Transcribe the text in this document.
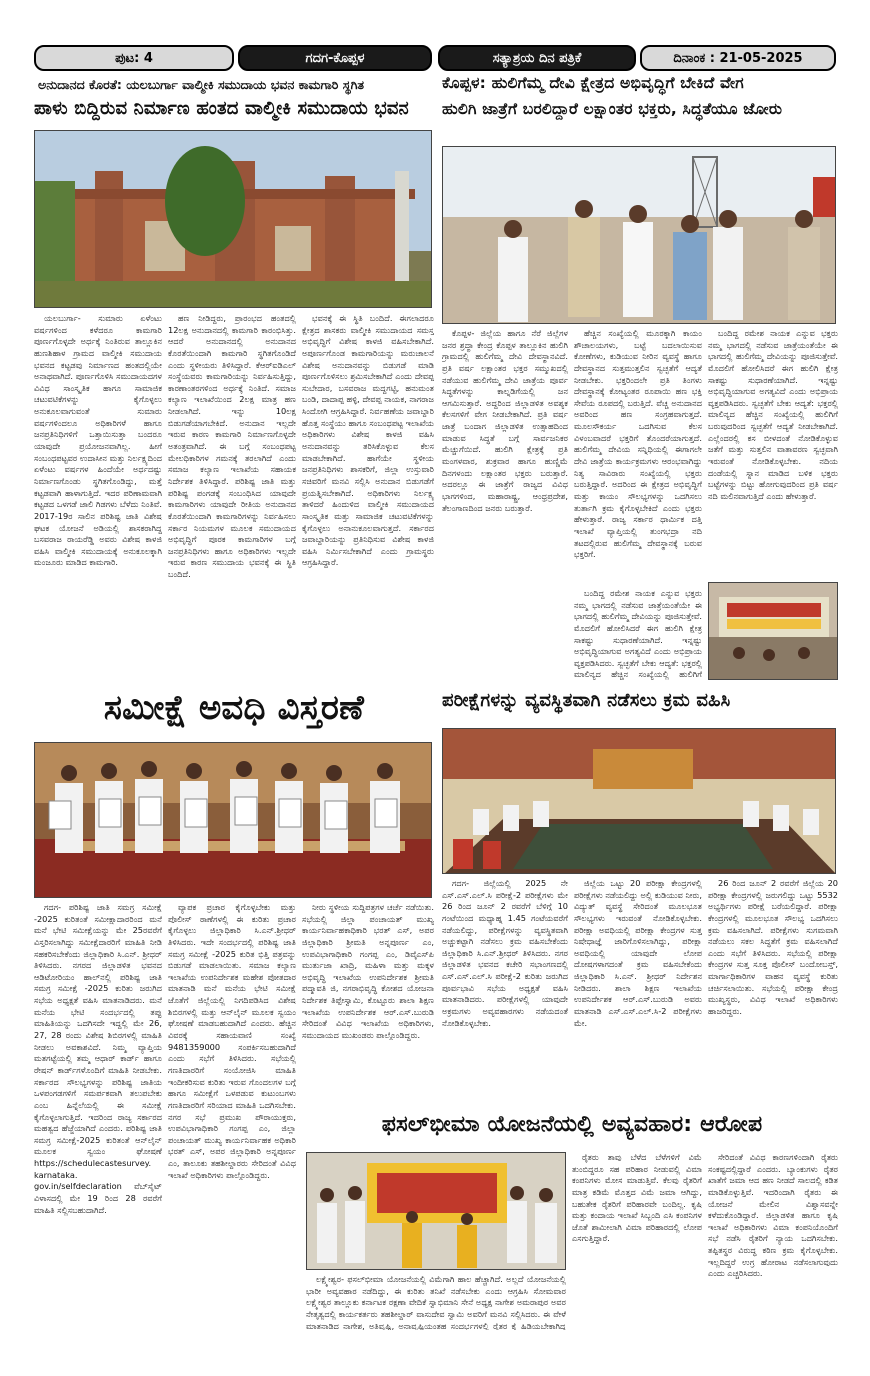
ಪುಟ: 4	ಗದಗ-ಕೊಪ್ಪಳ	ಸತ್ಯಾಶ್ರಯ ದಿನ ಪತ್ರಿಕೆ	ದಿನಾಂಕ : 21-05-2025
ಅನುದಾನದ ಕೊರತೆ: ಯಲಬುರ್ಗಾ ವಾಲ್ಮೀಕಿ ಸಮುದಾಯ ಭವನ ಕಾಮಗಾರಿ ಸ್ಥಗಿತ
ಪಾಳು ಬಿದ್ದಿರುವ ನಿರ್ಮಾಣ ಹಂತದ ವಾಲ್ಮೀಕಿ ಸಮುದಾಯ ಭವನ

ಯಲಬುರ್ಗಾ- ಸುಮಾರು ಏಳೆಂಟು ವರ್ಷಗಳಿಂದ ಕಳೆದರೂ ಕಾಮಗಾರಿ ಪೂರ್ಣಗೊಳ್ಳದೇ ಅರ್ಧಕ್ಕೆ ನಿಂತಿರುವ ತಾಲ್ಲೂಕಿನ ಹುಣಶಿಹಾಳ ಗ್ರಾಮದ ವಾಲ್ಮೀಕಿ ಸಮುದಾಯ ಭವನದ ಕಟ್ಟಡವು ನಿರ್ಮಾಣದ ಹಂತದಲ್ಲಿಯೇ ಅನಾಥವಾಗಿದೆ. ಪೂರ್ಣಗೊಳಿಸಿ ಸಮುದಾಯದಗಳ ವಿವಿಧ ಸಾಂಸ್ಕೃತಿಕ ಹಾಗೂ ಸಾಮಾಜಿಕ ಚಟುವಟಿಕೆಗಳನ್ನು ಕೈಗೊಳ್ಳಲು ಅನುಕೂಲವಾಗುವಂತೆ ಸುಮಾರು ವರ್ಷಗಳಿಂದಲೂ ಅಧಿಕಾರಿಗಳೆ ಹಾಗೂ ಜನಪ್ರತಿನಿಧಿಗಳಿಗೆ ಒತ್ತಾಯಿಸುತ್ತಾ ಬಂದರೂ ಯಾವುದೇ ಪ್ರಯೋಜನವಾಗಿಲ್ಲ. ಹೀಗೆ ಸಂಬಂಧಪಟ್ಟವರ ಉದಾಸೀನ ಮತ್ತು ನಿರ್ಲಕ್ಷ್ಯದಿಂದ ಏಳೆಂಟು ವರ್ಷಗಳ ಹಿಂದೆಯೇ ಅರ್ಧದಷ್ಟು ನಿರ್ಮಾಣಗೊಂಡು ಸ್ಥಗಿತಗೊಂಡಿದ್ದು, ಮತ್ತೆ ಕಟ್ಟಡವಾಗಿ ಹಾಳಾಗುತ್ತಿದೆ. ಇದರ ಪರಿಣಾಮವಾಗಿ ಕಟ್ಟಡದ ಒಳಗಡೆ ಜಾಲಿ ಗಿಡಗಳು ಬೆಳೆದು ನಿಂತಿವೆ. 2017-19ರ ಸಾಲಿನ ಪರಿಶಿಷ್ಟ ಜಾತಿ ವಿಶೇಷ ಘಟಕ ಯೋಜನೆ ಅಡಿಯಲ್ಲಿ ಶಾಸಕರಾಗಿದ್ದ ಬಸವರಾಜ ರಾಯರೆಡ್ಡಿ ಅವರು ವಿಶೇಷ ಕಾಳಜಿ ವಹಿಸಿ ವಾಲ್ಮೀಕಿ ಸಮುದಾಯಕ್ಕೆ ಅನುಕೂಲಕ್ಕಾಗಿ ಮಂಜೂರು ಮಾಡಿದ ಕಾಮಗಾರಿ.

ಹಣ ನೀಡಿದ್ದರು, ಪ್ರಾರಂಭದ ಹಂತದಲ್ಲಿ 12ಲಕ್ಷ ಅನುದಾನದಲ್ಲಿ ಕಾಮಗಾರಿ ಕಾರಂಭಿಸಿತ್ತು. ಆದರೆ ಅನುದಾನದಲ್ಲಿ ಅನುದಾನದ ಕೊರತೆಯಿಂದಾಗಿ ಕಾಮಗಾರಿ ಸ್ಥಗಿತಗೊಂಡಿದೆ ಎಂದು ಸ್ಥಳೀಯರು ತಿಳಿಸಿದ್ದಾರೆ. ಕೆಆರ್‌ಐಡಿಎಲ್ ಸಂಸ್ಥೆಯವರು ಕಾಮಗಾರಿಯನ್ನು ನಿರ್ವಹಿಸುತ್ತಿದ್ದು, ಕಾರಣಾಂತರಗಳಿಂದ ಅರ್ಧಕ್ಕೆ ನಿಂತಿದೆ. ಸಮಾಜ ಕಲ್ಯಾಣ ಇಲಾಖೆಯಿಂದ 2ಲಕ್ಷ ಮಾತ್ರ ಹಣ ನೀಡಲಾಗಿದೆ. ಇನ್ನು 10ಲಕ್ಷ ಬಿಡುಗಡೆಯಾಗಬೇಕಿದೆ. ಅನುದಾನ ಇಲ್ಲದೇ ಇರುವ ಕಾರಣ ಕಾಮಗಾರಿ ನಿರ್ಮಾಣಗೊಳ್ಳದೇ ಅತಂತ್ರವಾಗಿದೆ. ಈ ಬಗ್ಗೆ ಸಂಬಂಧಪಟ್ಟ ಮೇಲಧಿಕಾರಿಗಳ ಗಮನಕ್ಕೆ ತರಲಾಗಿದೆ ಎಂದು ಸಮಾಜ ಕಲ್ಯಾಣ ಇಲಾಖೆಯ ಸಹಾಯಕ ನಿರ್ದೇಶಕ ತಿಳಿಸಿದ್ದಾರೆ. ಪರಿಶಿಷ್ಟ ಜಾತಿ ಮತ್ತು ಪರಿಶಿಷ್ಟ ಪಂಗಡಕ್ಕೆ ಸಂಬಂಧಿಸಿದ ಯಾವುದೇ ಕಾಮಗಾರಿಗಳು ಯಾವುದೇ ರೀತಿಯ ಅನುದಾನದ ಕೊರತೆಯಿಂದಾಗಿ ಕಾಮಗಾರಿಗಳನ್ನು ನಿರ್ವಹಿಸಲು ಸರ್ಕಾರ ನಿಯಮಗಳ ಮೂಲಕ ಸಮುದಾಯದ ಅಭಿವೃದ್ಧಿಗೆ ಪೂರಕ ಕಾಮಗಾರಿಗಳ ಬಗ್ಗೆ ಜನಪ್ರತಿನಿಧಿಗಳು ಹಾಗೂ ಅಧಿಕಾರಿಗಳು ಇಲ್ಲದೇ ಇರುವ ಕಾರಣ ಸಮುದಾಯ ಭವನಕ್ಕೆ ಈ ಸ್ಥಿತಿ ಬಂದಿದೆ.

ಭವನಕ್ಕೆ ಈ ಸ್ಥಿತಿ ಬಂದಿದೆ. ಈಗಲಾದರೂ ಕ್ಷೇತ್ರದ ಶಾಸಕರು ವಾಲ್ಮೀಕಿ ಸಮುದಾಯದ ಸಮಸ್ತ ಅಭಿವೃದ್ಧಿಗೆ ವಿಶೇಷ ಕಾಳಜಿ ವಹಿಸಬೇಕಾಗಿದೆ. ಅಪೂರ್ಣಗೊಂಡ ಕಾಮಗಾರಿಯನ್ನು ಮರುಚಾಲನೆ ವಿಶೇಷ ಅನುದಾನವನ್ನು ಬಿಡುಗಡೆ ಮಾಡಿ ಪೂರ್ಣಗೊಳಿಸಲು ಶ್ರಮಿಸಬೇಕಾಗಿದೆ ಎಂದು ದೇವಪ್ಪ ಸುಬೇದಾರ, ಬಸವರಾಜ ಮದ್ದಗಟ್ಟಿ, ಹನುಮಂತ ಬಂಡಿ, ದಾದಾಪ್ಪ ಹಳ್ಳಿ, ದೇವಪ್ಪ ನಾಯಕ, ನಾಗರಾಜ ಸಿಂದೋಗಿ ಆಗ್ರಹಿಸಿದ್ದಾರೆ. ನಿರ್ವಹಣೆಯ ಜವಾಬ್ದಾರಿ ಹೊತ್ತ ಸಂಸ್ಥೆಯು ಹಾಗೂ ಸಂಬಂಧಪಟ್ಟ ಇಲಾಖೆಯ ಅಧಿಕಾರಿಗಳು ವಿಶೇಷ ಕಾಳಜಿ ವಹಿಸಿ ಅನುದಾನವನ್ನು ತರಿಸಿಕೊಳ್ಳುವ ಕೆಲಸ ಮಾಡಬೇಕಾಗಿದೆ. ಹಾಗೆಯೇ ಸ್ಥಳೀಯ ಜನಪ್ರತಿನಿಧಿಗಳು ಶಾಸಕರಿಗೆ, ಜಿಲ್ಲಾ ಉಸ್ತುವಾರಿ ಸಚಿವರಿಗೆ ಮನವಿ ಸಲ್ಲಿಸಿ ಅನುದಾನ ಬಿಡುಗಡೆಗೆ ಪ್ರಯತ್ನಿಸಬೇಕಾಗಿದೆ. ಅಧಿಕಾರಿಗಳು ನಿರ್ಲಕ್ಷ್ಯ ತಾಳಿದರೆ ಹಿಂದುಳಿದ ವಾಲ್ಮೀಕಿ ಸಮುದಾಯದ ಸಾಂಸ್ಕೃತಿಕ ಮತ್ತು ಸಾಮಾಜಿಕ ಚಟುವಟಿಕೆಗಳನ್ನು ಕೈಗೊಳ್ಳಲು ಅನಾನುಕೂಲವಾಗುತ್ತದೆ. ಸರ್ಕಾರದ ಜವಾಬ್ದಾರಿಯನ್ನು ಪ್ರತಿನಿಧಿಸುವ ವಿಶೇಷ ಕಾಳಜಿ ವಹಿಸಿ ನಿರ್ಮಿಸಬೇಕಾಗಿದೆ ಎಂದು ಗ್ರಾಮಸ್ಥರು ಆಗ್ರಹಿಸಿದ್ದಾರೆ.

ಕೊಪ್ಪಳ: ಹುಲಿಗೆಮ್ಮ ದೇವಿ ಕ್ಷೇತ್ರದ ಅಭಿವೃದ್ಧಿಗೆ ಬೇಕಿದೆ ವೇಗ
ಹುಲಿಗಿ ಜಾತ್ರೆಗೆ ಬರಲಿದ್ದಾರೆ ಲಕ್ಷಾಂತರ ಭಕ್ತರು, ಸಿದ್ಧತೆಯೂ ಜೋರು

ಕೊಪ್ಪಳ- ಜಿಲ್ಲೆಯ ಹಾಗೂ ನೆರೆ ಜಿಲ್ಲೆಗಳ ಜನರ ಶ್ರದ್ಧಾ ಕೇಂದ್ರ ಕೊಪ್ಪಳ ತಾಲ್ಲೂಕಿನ ಹುಲಿಗಿ ಗ್ರಾಮದಲ್ಲಿ ಹುಲಿಗೆಮ್ಮ ದೇವಿ ದೇವಸ್ಥಾನವಿದೆ. ಪ್ರತಿ ವರ್ಷ ಲಕ್ಷಾಂತರ ಭಕ್ತರ ಸಮ್ಮುಖದಲ್ಲಿ ನಡೆಯುವ ಹುಲಿಗೆಮ್ಮ ದೇವಿ ಜಾತ್ರೆಯ ಪೂರ್ವ ಸಿದ್ಧತೆಗಳನ್ನು ಕಾಲ್ನಡಿಗೆಯಲ್ಲಿ ಜನ ಆಗಮಿಸುತ್ತಾರೆ. ಅದ್ದರಿಂದ ಜಿಲ್ಲಾಡಳಿತ ಅವಶ್ಯಕ ಕೆಲಸಗಳಿಗೆ ವೇಗ ನೀಡಬೇಕಾಗಿದೆ. ಪ್ರತಿ ವರ್ಷ ಜಾತ್ರೆ ಬಂದಾಗ ಜಿಲ್ಲಾಡಳಿತ ಉತ್ಸಾಹದಿಂದ ಮಾಡುವ ಸಿದ್ಧತೆ ಬಗ್ಗೆ ಸಾರ್ವಜನಿಕರ ಮೆಚ್ಚುಗೆಯಿದೆ. ಹುಲಿಗಿ ಕ್ಷೇತ್ರಕ್ಕೆ ಪ್ರತಿ ಮಂಗಳವಾರ, ಶುಕ್ರವಾರ ಹಾಗೂ ಹುಣ್ಣಿಮೆ ದಿನಗಳಂದು ಲಕ್ಷಾಂತರ ಭಕ್ತರು ಬರುತ್ತಾರೆ. ಅದರಲ್ಲೂ ಈ ಜಾತ್ರೆಗೆ ರಾಜ್ಯದ ವಿವಿಧ ಭಾಗಗಳಿಂದ, ಮಹಾರಾಷ್ಟ್ರ, ಆಂಧ್ರಪ್ರದೇಶ, ತೆಲಂಗಾಣದಿಂದ ಜನರು ಬರುತ್ತಾರೆ.

ಹೆಚ್ಚಿನ ಸಂಖ್ಯೆಯಲ್ಲಿ ಮೂರಕ್ಕಾಗಿ ಕಾಯಂ ಶೌಚಾಲಯಗಳು, ಬಟ್ಟೆ ಬದಲಾಯಿಸುವ ಕೋಣೆಗಳು, ಕುಡಿಯುವ ನೀರಿನ ವ್ಯವಸ್ಥೆ ಹಾಗೂ ದೇವಸ್ಥಾನದ ಸುತ್ತಮುತ್ತಲಿನ ಸ್ವಚ್ಛತೆಗೆ ಆದ್ಯತೆ ನೀಡಬೇಕು. ಭಕ್ತರಿಂದಲೇ ಪ್ರತಿ ತಿಂಗಳು ದೇವಸ್ಥಾನಕ್ಕೆ ಕೋಟ್ಯಂತರ ರೂಪಾಯಿ ಹಣ ಭಕ್ತಿ ಸೇವೆಯ ರೂಪದಲ್ಲಿ ಬರುತ್ತಿದೆ. ವೆಚ್ಚ ಅನುದಾನದ ಅವರಿಂದ ಹಣ ಸಂಗ್ರಹವಾಗುತ್ತದೆ. ಮೂಲಸೌಕರ್ಯ ಒದಗಿಸುವ ಕೆಲಸ ವಿಳಂಬವಾದರೆ ಭಕ್ತರಿಗೆ ತೊಂದರೆಯಾಗುತ್ತದೆ. ಹುಲಿಗೆಮ್ಮ ದೇವಿಯ ಸನ್ನಿಧಿಯಲ್ಲಿ ಈಗಾಗಲೇ ದೇವಿ ಜಾತ್ರೆಯ ಕಾರ್ಯಕ್ರಮಗಳು ಆರಂಭವಾಗಿದ್ದು ನಿತ್ಯ ಸಾವಿರಾರು ಸಂಖ್ಯೆಯಲ್ಲಿ ಭಕ್ತರು ಬರುತ್ತಿದ್ದಾರೆ. ಅದರಿಂದ ಈ ಕ್ಷೇತ್ರದ ಅಭಿವೃದ್ಧಿಗೆ ಮತ್ತು ಕಾಯಂ ಸೌಲಭ್ಯಗಳನ್ನು ಒದಗಿಸಲು ತುರ್ತಾಗಿ ಕ್ರಮ ಕೈಗೊಳ್ಳಬೇಕಿದೆ ಎಂದು ಭಕ್ತರು ಹೇಳುತ್ತಾರೆ. ರಾಜ್ಯ ಸರ್ಕಾರ ಧಾರ್ಮಿಕ ದತ್ತಿ ಇಲಾಖೆ ವ್ಯಾಪ್ತಿಯಲ್ಲಿ ತುಂಗಭದ್ರಾ ನದಿ ತಟದಲ್ಲಿರುವ ಹುಲಿಗೆಮ್ಮ ದೇವಸ್ಥಾನಕ್ಕೆ ಬರುವ ಭಕ್ತರಿಗೆ.

ಬಂದಿದ್ದ ರಮೇಶ ನಾಯಕ ಎನ್ನುವ ಭಕ್ತರು ನಮ್ಮ ಭಾಗದಲ್ಲಿ ನಡೆಸುವ ಜಾತ್ರೆಯಂತೆಯೇ ಈ ಭಾಗದಲ್ಲಿ ಹುಲಿಗೆಮ್ಮ ದೇವಿಯನ್ನು ಪೂಜಿಸುತ್ತೇವೆ. ಮೊದಲಿಗೆ ಹೋಲಿಸಿದರೆ ಈಗ ಹುಲಿಗಿ ಕ್ಷೇತ್ರ ಸಾಕಷ್ಟು ಸುಧಾರಣೆಯಾಗಿದೆ. ಇನ್ನಷ್ಟು ಅಭಿವೃದ್ಧಿಯಾಗುವ ಅಗತ್ಯವಿದೆ ಎಂದು ಅಭಿಪ್ರಾಯ ವ್ಯಕ್ತಪಡಿಸಿದರು. ಸ್ವಚ್ಛತೆಗೆ ಬೇಕು ಆದ್ಯತೆ: ಭಕ್ತರಲ್ಲಿ ಮಾಲಿನ್ಯದ ಹೆಚ್ಚಿನ ಸಂಖ್ಯೆಯಲ್ಲಿ ಹುಲಿಗಿಗೆ ಬರುವುದರಿಂದ ಸ್ವಚ್ಛತೆಗೆ ಆದ್ಯತೆ ನೀಡಬೇಕಾಗಿದೆ. ಎಲ್ಲೆಂದರಲ್ಲಿ ಕಸ ಬೀಳದಂತೆ ನೋಡಿಕೊಳ್ಳುವ ಜತೆಗೆ ಮತ್ತು ಸುತ್ತಲಿನ ವಾತಾವರಣ ಸ್ವಚ್ಛವಾಗಿ ಇರುವಂತೆ ನೋಡಿಕೊಳ್ಳಬೇಕು. ನದಿಯ ದಂಡೆಯಲ್ಲಿ ಸ್ನಾನ ಮಾಡಿದ ಬಳಿಕ ಭಕ್ತರು ಬಟ್ಟೆಗಳನ್ನು ಬಿಟ್ಟು ಹೋಗುವುದರಿಂದ ಪ್ರತಿ ವರ್ಷ ನದಿ ಮಲಿನವಾಗುತ್ತಿದೆ ಎಂದು ಹೇಳುತ್ತಾರೆ.

ಬಂದಿದ್ದ ರಮೇಶ ನಾಯಕ ಎನ್ನುವ ಭಕ್ತರು ನಮ್ಮ ಭಾಗದಲ್ಲಿ ನಡೆಸುವ ಜಾತ್ರೆಯಂತೆಯೇ ಈ ಭಾಗದಲ್ಲಿ ಹುಲಿಗೆಮ್ಮ ದೇವಿಯನ್ನು ಪೂಜಿಸುತ್ತೇವೆ. ಮೊದಲಿಗೆ ಹೋಲಿಸಿದರೆ ಈಗ ಹುಲಿಗಿ ಕ್ಷೇತ್ರ ಸಾಕಷ್ಟು ಸುಧಾರಣೆಯಾಗಿದೆ. ಇನ್ನಷ್ಟು ಅಭಿವೃದ್ಧಿಯಾಗುವ ಅಗತ್ಯವಿದೆ ಎಂದು ಅಭಿಪ್ರಾಯ ವ್ಯಕ್ತಪಡಿಸಿದರು. ಸ್ವಚ್ಛತೆಗೆ ಬೇಕು ಆದ್ಯತೆ: ಭಕ್ತರಲ್ಲಿ ಮಾಲಿನ್ಯದ ಹೆಚ್ಚಿನ ಸಂಖ್ಯೆಯಲ್ಲಿ ಹುಲಿಗಿಗೆ

ಸಮೀಕ್ಷೆ ಅವಧಿ ವಿಸ್ತರಣೆ

ಗದಗ- ಪರಿಶಿಷ್ಟ ಜಾತಿ ಸಮಗ್ರ ಸಮೀಕ್ಷೆ -2025 ಕುರಿತಂತೆ ಸಮೀಕ್ಷಾದಾರರಿಂದ ಮನೆ ಮನೆ ಭೇಟಿ ಸಮೀಕ್ಷೆಯನ್ನು ಮೇ 25ರವರೆಗೆ ವಿಸ್ತರಿಸಲಾಗಿದ್ದು ಸಮೀಕ್ಷೆದಾರರಿಗೆ ಮಾಹಿತಿ ನೀಡಿ ಸಹಕರಿಸಬೇಕೆಂದು ಜಿಲ್ಲಾಧಿಕಾರಿ ಸಿ.ಎನ್. ಶ್ರೀಧರ್ ತಿಳಿಸಿದರು. ನಗರದ ಜಿಲ್ಲಾಡಳಿತ ಭವನದ ಆಡಿಟೋರಿಯಂ ಹಾಲ್‌ನಲ್ಲಿ ಪರಿಶಿಷ್ಟ ಜಾತಿ ಸಮಗ್ರ ಸಮೀಕ್ಷೆ -2025 ಕುರಿತು ಜರುಗಿದ ಸಭೆಯ ಅಧ್ಯಕ್ಷತೆ ವಹಿಸಿ ಮಾತನಾಡಿದರು. ಮನೆ ಮನೆಯ ಭೇಟಿ ಸಂದರ್ಭದಲ್ಲಿ ತಪ್ಪು ಮಾಹಿತಿಯನ್ನು ಒದಗಿಸದೇ ಇದ್ದಲ್ಲಿ ಮೇ 26, 27, 28 ರಂದು ವಿಶೇಷ ಶಿಬಿರಗಳಲ್ಲಿ ಮಾಹಿತಿ ನೀಡಲು ಅವಕಾಶವಿದೆ. ನಿಮ್ಮ ವ್ಯಾಪ್ತಿಯ ಮತಗಟ್ಟೆಯಲ್ಲಿ ತಮ್ಮ ಆಧಾರ್ ಕಾರ್ಡ್ ಹಾಗೂ ರೇಷನ್ ಕಾರ್ಡ್‌ಗಳೊಂದಿಗೆ ಮಾಹಿತಿ ನೀಡಬೇಕು. ಸರ್ಕಾರದ ಸೌಲಭ್ಯಗಳನ್ನು ಪರಿಶಿಷ್ಟ ಜಾತಿಯ ಒಳಪಂಗಡಗಳಿಗೆ ಸಮರ್ಪಕವಾಗಿ ತಲುಪಬೇಕು ಎಂಬ ಹಿನ್ನೆಲೆಯಲ್ಲಿ ಈ ಸಮೀಕ್ಷೆ ಕೈಗೊಳ್ಳಲಾಗುತ್ತಿದೆ. ಇದರಿಂದ ರಾಜ್ಯ ಸರ್ಕಾರದ ಮಹತ್ವದ ಹೆಜ್ಜೆಯಾಗಿದೆ ಎಂದರು. ಪರಿಶಿಷ್ಟ ಜಾತಿ ಸಮಗ್ರ ಸಮೀಕ್ಷೆ-2025 ಕುರಿತಂತೆ ಆನ್‌ಲೈನ್ ಮೂಲಕ ಸ್ವಯಂ ಘೋಷಣೆ https://schedulecastesurvey. karnataka. gov.in/selfdeclaration ವೆಬ್‌ಸೈಟ್ ವಿಳಾಸದಲ್ಲಿ ಮೇ 19 ರಿಂದ 28 ರವರೆಗೆ ಮಾಹಿತಿ ಸಲ್ಲಿಸಬಹುದಾಗಿದೆ.

ವ್ಯಾಪಕ ಪ್ರಚಾರ ಕೈಗೊಳ್ಳಬೇಕು ಮತ್ತು ಪೊಲೀಸ್ ಠಾಣೆಗಳಲ್ಲಿ ಈ ಕುರಿತು ಪ್ರಚಾರ ಕೈಗೊಳ್ಳಲು ಜಿಲ್ಲಾಧಿಕಾರಿ ಸಿ.ಎನ್.ಶ್ರೀಧರ್ ತಿಳಿಸಿದರು. ಇದೇ ಸಂದರ್ಭದಲ್ಲಿ ಪರಿಶಿಷ್ಟ ಜಾತಿ ಸಮಗ್ರ ಸಮೀಕ್ಷೆ -2025 ಕುರಿತ ಭಿತ್ತಿ ಪತ್ರವನ್ನು ಬಿಡುಗಡೆ ಮಾಡಲಾಯಿತು. ಸಮಾಜ ಕಲ್ಯಾಣ ಇಲಾಖೆಯ ಉಪನಿರ್ದೇಶಕ ಮಹೇಶ ಪೋತದಾರ ಮಾತನಾಡಿ ಮನೆ ಮನೆಯ ಭೇಟಿ ಸಮೀಕ್ಷೆ ಜೊತೆಗೆ ಜಿಲ್ಲೆಯಲ್ಲಿ ನಿಗದಿಪಡಿಸಿದ ವಿಶೇಷ ಶಿಬಿರಗಳಲ್ಲಿ ಮತ್ತು ಆನ್‌ಲೈನ್ ಮೂಲಕ ಸ್ವಯಂ ಘೋಷಣೆ ಮಾಡಬಹುದಾಗಿದೆ ಎಂದರು. ಹೆಚ್ಚಿನ ವಿವರಕ್ಕೆ ಸಹಾಯವಾಣಿ ಸಂಖ್ಯೆ 9481359000 ಸಂಪರ್ಕಿಸಬಹುದಾಗಿದೆ ಎಂದು ಸಭೆಗೆ ತಿಳಿಸಿದರು. ಸಭೆಯಲ್ಲಿ ಗಣತಿದಾರರಿಗೆ ಸಂಯೋಜಿಸಿ ಮಾಹಿತಿ ಇಂದೀಕರಿಸುವ ಕುರಿತು ಇರುವ ಗೊಂದಲಗಳ ಬಗ್ಗೆ ಹಾಗೂ ಸಮೀಕ್ಷೆಗೆ ಒಳಪಡುವ ಕುಟುಂಬಗಳು ಗಣತಿದಾರರಿಗೆ ಸರಿಯಾದ ಮಾಹಿತಿ ಒದಗಿಸಬೇಕು. ನಗರ ಸಭೆ ಪ್ರಮುಖ ಪೌರಾಯುಕ್ತರು, ಉಪವಿಭಾಗಾಧಿಕಾರಿ ಗಂಗಪ್ಪ ಎಂ, ಜಿಲ್ಲಾ ಪಂಚಾಯತ್ ಮುಖ್ಯ ಕಾರ್ಯನಿರ್ವಾಹಕ ಅಧಿಕಾರಿ ಭರತ್ ಎಸ್, ಅಪರ ಜಿಲ್ಲಾಧಿಕಾರಿ ಅನ್ನಪೂರ್ಣ ಎಂ, ತಾಲೂಕು ತಹಶೀಲ್ದಾರರು ಸೇರಿದಂತೆ ವಿವಿಧ ಇಲಾಖೆ ಅಧಿಕಾರಿಗಳು ಪಾಲ್ಗೊಂಡಿದ್ದರು.

ನೀರು ಸ್ಥಳೀಯ ಸುದ್ದಿಪತ್ರಗಳ ಚರ್ಚೆ ನಡೆಯಿತು. ಸಭೆಯಲ್ಲಿ ಜಿಲ್ಲಾ ಪಂಚಾಯತ್ ಮುಖ್ಯ ಕಾರ್ಯನಿರ್ವಾಹಕಾಧಿಕಾರಿ ಭರತ್ ಎಸ್, ಅಪರ ಜಿಲ್ಲಾಧಿಕಾರಿ ಶ್ರೀಮತಿ ಅನ್ನಪೂರ್ಣ ಎಂ, ಉಪವಿಭಾಗಾಧಿಕಾರಿ ಗಂಗಪ್ಪ ಎಂ, ಡಿವೈಎಸ್‌ಪಿ ಮುರ್ತುಜಾ ಖಾದ್ರಿ, ಮಹಿಳಾ ಮತ್ತು ಮಕ್ಕಳ ಅಭಿವೃದ್ಧಿ ಇಲಾಖೆಯ ಉಪನಿರ್ದೇಶಕ ಶ್ರೀಮತಿ ಪದ್ಮಾವತಿ ಜಿ, ನಗರಾಭಿವೃದ್ಧಿ ಕೋಶದ ಯೋಜನಾ ನಿರ್ದೇಶಕ ತಿಪ್ಪೇಸ್ವಾಮಿ, ಕೊಟ್ಟೂರು ಶಾಲಾ ಶಿಕ್ಷಣ ಇಲಾಖೆಯ ಉಪನಿರ್ದೇಶಕ ಆರ್.ಎಸ್.ಬುರುಡಿ ಸೇರಿದಂತೆ ವಿವಿಧ ಇಲಾಖೆಯ ಅಧಿಕಾರಿಗಳು, ಸಮುದಾಯದ ಮುಖಂಡರು ಪಾಲ್ಗೊಂಡಿದ್ದರು.

ಪರೀಕ್ಷೆಗಳನ್ನು ವ್ಯವಸ್ಥಿತವಾಗಿ ನಡೆಸಲು ಕ್ರಮ ವಹಿಸಿ

ಗದಗ- ಜಿಲ್ಲೆಯಲ್ಲಿ 2025 ನೇ ಎಸ್.ಎಸ್.ಎಲ್.ಸಿ ಪರೀಕ್ಷೆ-2 ಪರೀಕ್ಷೆಗಳು ಮೇ 26 ರಿಂದ ಜೂನ್ 2 ರವರೆಗೆ ಬೆಳಿಗ್ಗೆ 10 ಗಂಟೆಯಿಂದ ಮಧ್ಯಾಹ್ನ 1.45 ಗಂಟೆಯವರೆಗೆ ನಡೆಯಲಿದ್ದು, ಪರೀಕ್ಷೆಗಳನ್ನು ವ್ಯವಸ್ಥಿತವಾಗಿ ಅಚ್ಚುಕಟ್ಟಾಗಿ ನಡೆಸಲು ಕ್ರಮ ವಹಿಸಬೇಕೆಂದು ಜಿಲ್ಲಾಧಿಕಾರಿ ಸಿ.ಎನ್.ಶ್ರೀಧರ್ ತಿಳಿಸಿದರು. ನಗರ ಜಿಲ್ಲಾಡಳಿತ ಭವನದ ಕಚೇರಿ ಸಭಾಂಗಣದಲ್ಲಿ ಎಸ್.ಎಸ್.ಎಲ್.ಸಿ ಪರೀಕ್ಷೆ-2 ಕುರಿತು ಜರುಗಿದ ಪೂರ್ವಭಾವಿ ಸಭೆಯ ಅಧ್ಯಕ್ಷತೆ ವಹಿಸಿ ಮಾತನಾಡಿದರು. ಪರೀಕ್ಷೆಗಳಲ್ಲಿ ಯಾವುದೇ ಅಕ್ರಮಗಳು ಅವ್ಯವಹಾರಗಳು ನಡೆಯದಂತೆ ನೋಡಿಕೊಳ್ಳಬೇಕು.

ಜಿಲ್ಲೆಯ ಒಟ್ಟು 20 ಪರೀಕ್ಷಾ ಕೇಂದ್ರಗಳಲ್ಲಿ ಪರೀಕ್ಷೆಗಳು ನಡೆಯಲಿದ್ದು ಅಲ್ಲಿ ಕುಡಿಯುವ ನೀರು, ವಿದ್ಯುತ್ ವ್ಯವಸ್ಥೆ ಸೇರಿದಂತೆ ಮೂಲಭೂತ ಸೌಲಭ್ಯಗಳು ಇರುವಂತೆ ನೋಡಿಕೊಳ್ಳಬೇಕು. ಪರೀಕ್ಷಾ ಅವಧಿಯಲ್ಲಿ ಪರೀಕ್ಷಾ ಕೇಂದ್ರಗಳ ಸುತ್ತ ನಿಷೇಧಾಜ್ಞೆ ಜಾರಿಗೊಳಿಸಲಾಗಿದ್ದು, ಪರೀಕ್ಷಾ ಅವಧಿಯಲ್ಲಿ ಯಾವುದೇ ಲೋಪ ದೋಷಗಳಾಗದಂತೆ ಕ್ರಮ ವಹಿಸಬೇಕೆಂದು ಜಿಲ್ಲಾಧಿಕಾರಿ ಸಿ.ಎನ್. ಶ್ರೀಧರ್ ನಿರ್ದೇಶನ ನೀಡಿದರು. ಶಾಲಾ ಶಿಕ್ಷಣ ಇಲಾಖೆಯ ಉಪನಿರ್ದೇಶಕ ಆರ್.ಎಸ್.ಬುರುಡಿ ಅವರು ಮಾತನಾಡಿ ಎಸ್.ಎಸ್.ಎಲ್.ಸಿ-2 ಪರೀಕ್ಷೆಗಳು ಮೇ.

26 ರಿಂದ ಜೂನ್ 2 ರವರೆಗೆ ಜಿಲ್ಲೆಯ 20 ಪರೀಕ್ಷಾ ಕೇಂದ್ರಗಳಲ್ಲಿ ಜರುಗಲಿದ್ದು ಒಟ್ಟು 5532 ಅಭ್ಯರ್ಥಿಗಳು ಪರೀಕ್ಷೆ ಬರೆಯಲಿದ್ದಾರೆ. ಪರೀಕ್ಷಾ ಕೇಂದ್ರಗಳಲ್ಲಿ ಮೂಲಭೂತ ಸೌಲಭ್ಯ ಒದಗಿಸಲು ಕ್ರಮ ವಹಿಸಲಾಗಿದೆ. ಪರೀಕ್ಷೆಗಳು ಸುಗಮವಾಗಿ ನಡೆಯಲು ಸಕಲ ಸಿದ್ಧತೆಗೆ ಕ್ರಮ ವಹಿಸಲಾಗಿದೆ ಎಂದು ಸಭೆಗೆ ತಿಳಿಸಿದರು. ಸಭೆಯಲ್ಲಿ ಪರೀಕ್ಷಾ ಕೇಂದ್ರಗಳ ಸುತ್ತ ಸೂಕ್ತ ಪೊಲೀಸ್ ಬಂದೋಬಸ್ತ್, ಮಾರ್ಗಾಧಿಕಾರಿಗಳ ವಾಹನ ವ್ಯವಸ್ಥೆ ಕುರಿತು ಚರ್ಚಿಸಲಾಯಿತು. ಸಭೆಯಲ್ಲಿ ಪರೀಕ್ಷಾ ಕೇಂದ್ರ ಮುಖ್ಯಸ್ಥರು, ವಿವಿಧ ಇಲಾಖೆ ಅಧಿಕಾರಿಗಳು ಹಾಜರಿದ್ದರು.

ಫಸಲ್‌ಭೀಮಾ ಯೋಜನೆಯಲ್ಲಿ ಅವ್ಯವಹಾರ: ಆರೋಪ

ಲಕ್ಷ್ಮೇಶ್ವರ- ಫಸಲ್‌ಭೀಮಾ ಯೋಜನೆಯಲ್ಲಿ ವಿಮೆಗಾಗಿ ಹಾಲ ಹೆಚ್ಚಾಗಿದೆ. ಅಲ್ಲದೆ ಯೋಜನೆಯಲ್ಲಿ ಭಾರೀ ಅವ್ಯವಹಾರ ನಡೆದಿದ್ದು, ಈ ಕುರಿತು ತನಿಖೆ ನಡೆಸಬೇಕು ಎಂದು ಆಗ್ರಹಿಸಿ ಸೋಮವಾರ ಲಕ್ಷ್ಮೇಶ್ವರ ತಾಲ್ಲೂಕು ಕರ್ನಾಟಕ ರಕ್ಷಣಾ ವೇದಿಕೆ ಸ್ವಾಭಿಮಾನಿ ಸೇನೆ ಅಧ್ಯಕ್ಷ ನಾಗೇಶ ಅಮರಾಪುರ ಅವರ ನೇತೃತ್ವದಲ್ಲಿ ಕಾರ್ಯಕರ್ತರು ತಹಶೀಲ್ದಾರ್ ವಾಸುದೇವ ಸ್ವಾಮಿ ಅವರಿಗೆ ಮನವಿ ಸಲ್ಲಿಸಿದರು. ಈ ವೇಳೆ ಮಾತನಾಡಿದ ನಾಗೇಶ, ಅತಿವೃಷ್ಟಿ, ಅನಾವೃಷ್ಟಿಯಂತಹ ಸಂದರ್ಭಗಳಲ್ಲಿ ರೈತರ ಕೈ ಹಿಡಿಯಬೇಕಾಗಿದ್ದ

ರೈತರು ತಾವು ಬೆಳೆದ ಬೆಳೆಗಳಿಗೆ ವಿಮೆ ತುಂಬಿದ್ದರೂ ಸಹ ಪರಿಹಾರ ನೀಡುವಲ್ಲಿ ವಿಮಾ ಕಂಪನಿಗಳು ಮೋಸ ಮಾಡುತ್ತಿವೆ. ಕೆಲವು ರೈತರಿಗೆ ಮಾತ್ರ ಕಡಿಮೆ ಮೊತ್ತದ ವಿಮೆ ಜಮಾ ಆಗಿದ್ದು, ಬಹುತೇಕ ರೈತರಿಗೆ ಪರಿಹಾರವೇ ಬಂದಿಲ್ಲ. ಕೃಷಿ ಮತ್ತು ಕಂದಾಯ ಇಲಾಖೆ ಸಿಬ್ಬಂದಿ ಎಸಿ ಕಂಪನಿಗಳ ಜೊತೆ ಶಾಮೀಲಾಗಿ ವಿಮಾ ಪರಿಹಾರದಲ್ಲಿ ಲೋಪ ಎಸಗುತ್ತಿದ್ದಾರೆ.

ಸೇರಿದಂತೆ ವಿವಿಧ ಕಾರಣಗಳಿಂದಾಗಿ ರೈತರು ಸಂಕಷ್ಟದಲ್ಲಿದ್ದಾರೆ ಎಂದರು. ಬ್ಯಾಂಕುಗಳು ರೈತರ ಖಾತೆಗೆ ಜಮಾ ಆದ ಹಣ ನೀಡದೆ ಸಾಲದಲ್ಲಿ ಕಡಿತ ಮಾಡಿಕೊಳ್ಳುತ್ತಿವೆ. ಇದರಿಂದಾಗಿ ರೈತರು ಈ ಯೋಜನೆ ಮೇಲಿನ ವಿಶ್ವಾಸವನ್ನೇ ಕಳೆದುಕೊಂಡಿದ್ದಾರೆ. ಜಿಲ್ಲಾಡಳಿತ ಹಾಗೂ ಕೃಷಿ ಇಲಾಖೆ ಅಧಿಕಾರಿಗಳು ವಿಮಾ ಕಂಪನಿಯೊಂದಿಗೆ ಸಭೆ ನಡೆಸಿ ರೈತರಿಗೆ ನ್ಯಾಯ ಒದಗಿಸಬೇಕು. ತಪ್ಪಿತಸ್ಥರ ವಿರುದ್ಧ ಕಠಿಣ ಕ್ರಮ ಕೈಗೊಳ್ಳಬೇಕು. ಇಲ್ಲದಿದ್ದರೆ ಉಗ್ರ ಹೋರಾಟ ನಡೆಸಲಾಗುವುದು ಎಂದು ಎಚ್ಚರಿಸಿದರು.
